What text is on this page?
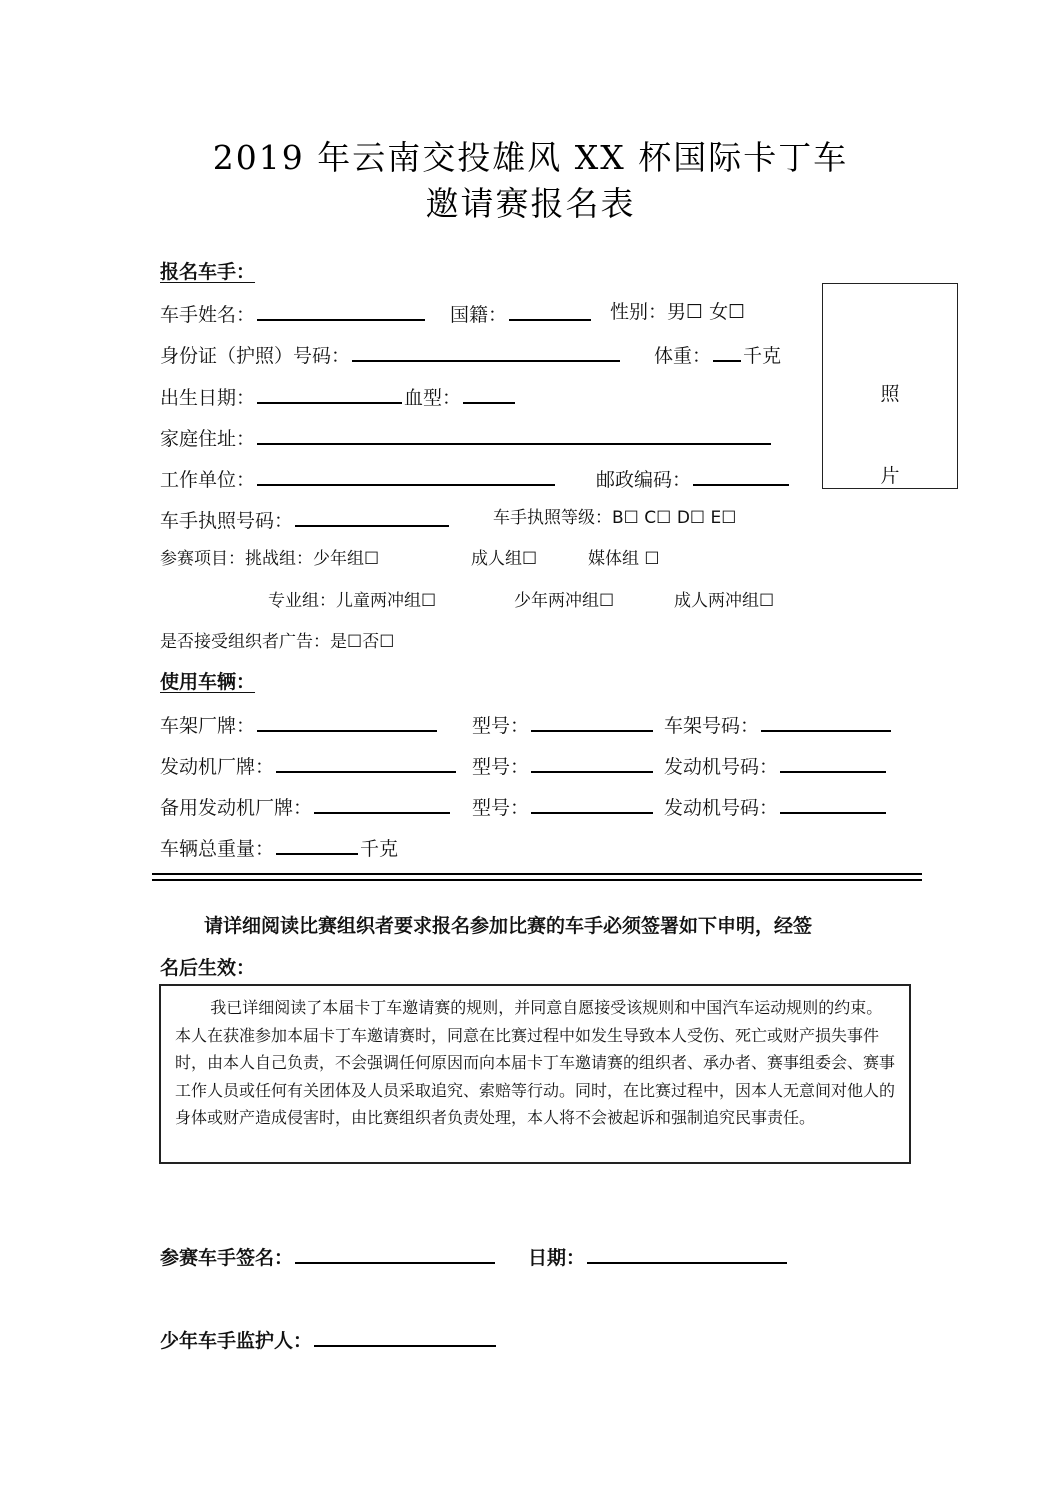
2019 年云南交投雄风 XX 杯国际卡丁车
邀请赛报名表
报名车手：
车手姓名：	国籍：	性别：男☐ 女☐
身份证（护照）号码：	体重： 千克
出生日期：	血型：
家庭住址：
工作单位：	邮政编码：
车手执照号码：	车手执照等级：B☐ C☐ D☐ E☐
参赛项目：挑战组：少年组☐	成人组☐	媒体组 ☐
专业组：儿童两冲组☐	少年两冲组☐	成人两冲组☐
是否接受组织者广告：是☐否☐
照
片
使用车辆：
车架厂牌：	型号：	车架号码：
发动机厂牌：	型号：	发动机号码：
备用发动机厂牌：	型号：	发动机号码：
车辆总重量：	千克
请详细阅读比赛组织者要求报名参加比赛的车手必须签署如下申明，经签
名后生效：

我已详细阅读了本届卡丁车邀请赛的规则，并同意自愿接受该规则和中国汽车运动规则的约束。本人在获准参加本届卡丁车邀请赛时，同意在比赛过程中如发生导致本人受伤、死亡或财产损失事件时，由本人自己负责，不会强调任何原因而向本届卡丁车邀请赛的组织者、承办者、赛事组委会、赛事工作人员或任何有关团体及人员采取追究、索赔等行动。同时，在比赛过程中，因本人无意间对他人的身体或财产造成侵害时，由比赛组织者负责处理，本人将不会被起诉和强制追究民事责任。

参赛车手签名：	日期：
少年车手监护人：
